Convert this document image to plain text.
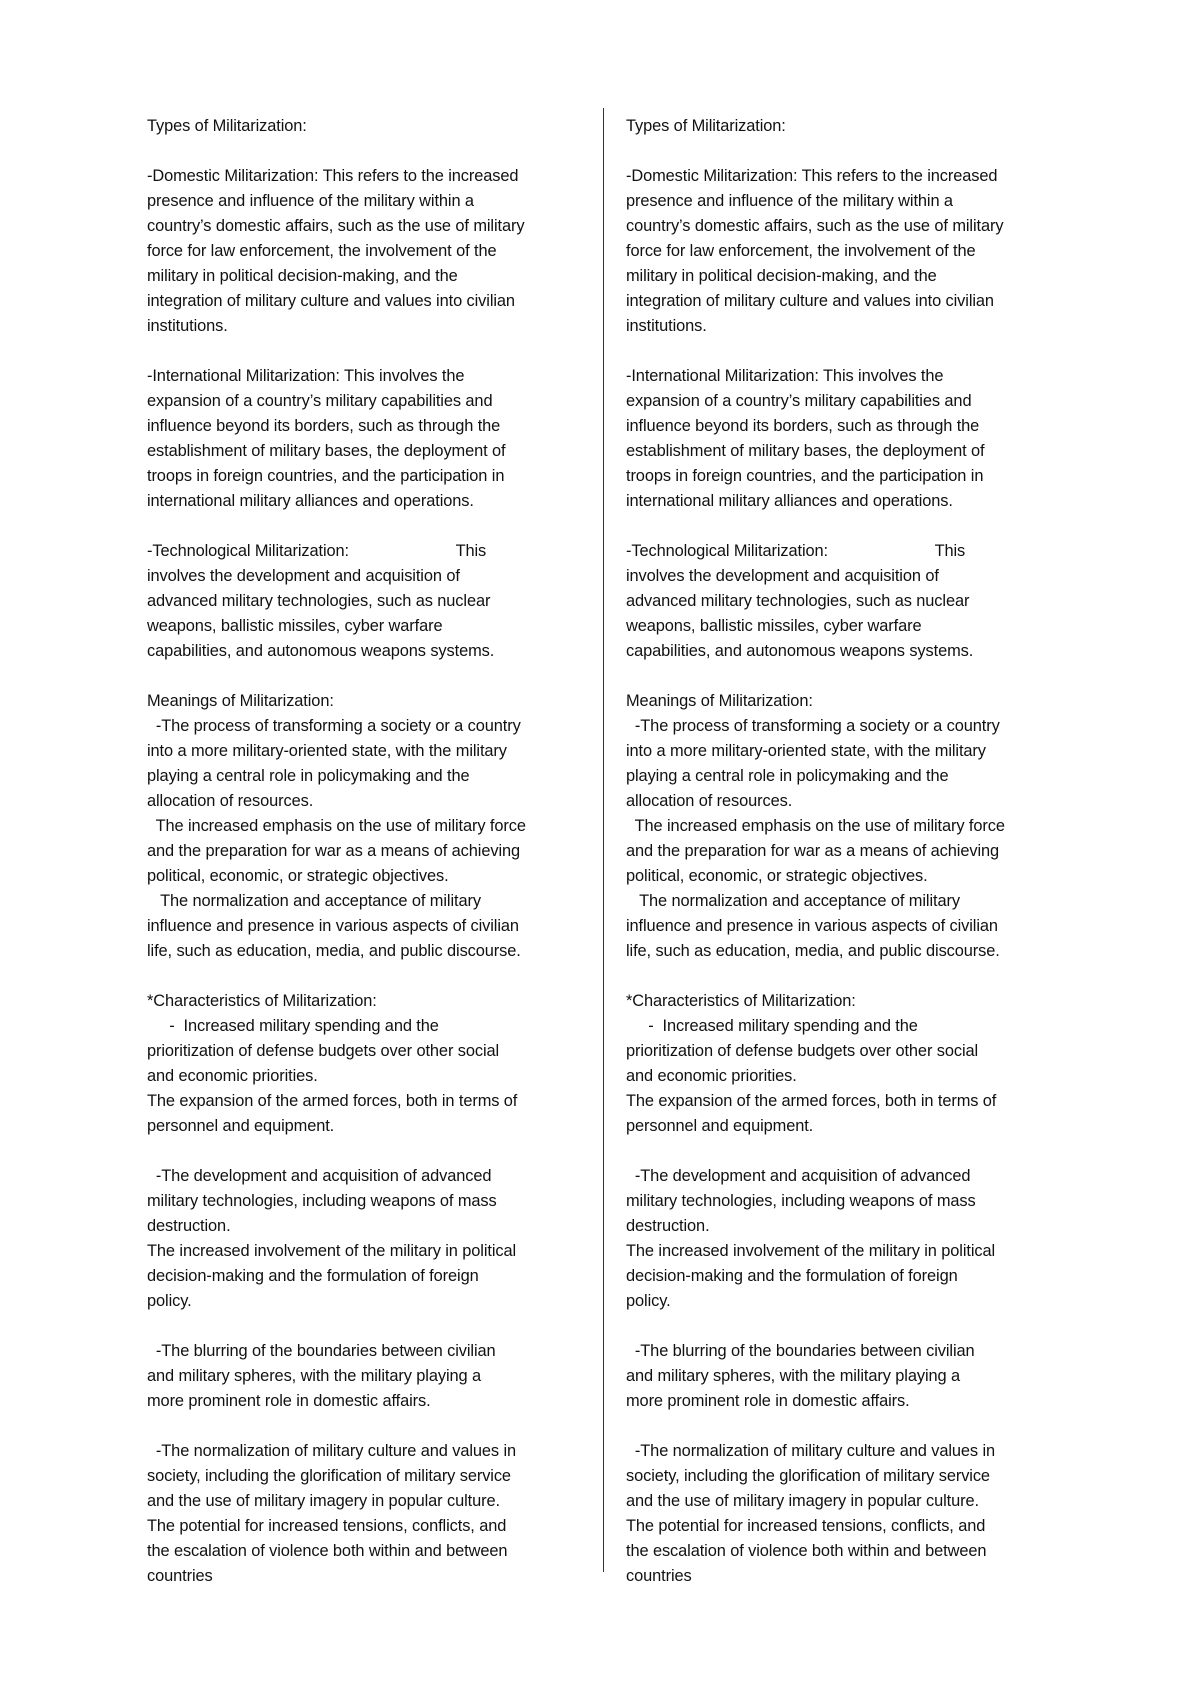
Types of Militarization:
-Domestic Militarization: This refers to the increased
presence and influence of the military within a
country’s domestic affairs, such as the use of military
force for law enforcement, the involvement of the
military in political decision-making, and the
integration of military culture and values into civilian
institutions.
-International Militarization: This involves the
expansion of a country’s military capabilities and
influence beyond its borders, such as through the
establishment of military bases, the deployment of
troops in foreign countries, and the participation in
international military alliances and operations.
-Technological Militarization:                        This
involves the development and acquisition of
advanced military technologies, such as nuclear
weapons, ballistic missiles, cyber warfare
capabilities, and autonomous weapons systems.
Meanings of Militarization:
-The process of transforming a society or a country
into a more military-oriented state, with the military
playing a central role in policymaking and the
allocation of resources.
The increased emphasis on the use of military force
and the preparation for war as a means of achieving
political, economic, or strategic objectives.
The normalization and acceptance of military
influence and presence in various aspects of civilian
life, such as education, media, and public discourse.
*Characteristics of Militarization:
-  Increased military spending and the
prioritization of defense budgets over other social
and economic priorities.
The expansion of the armed forces, both in terms of
personnel and equipment.
-The development and acquisition of advanced
military technologies, including weapons of mass
destruction.
The increased involvement of the military in political
decision-making and the formulation of foreign
policy.
-The blurring of the boundaries between civilian
and military spheres, with the military playing a
more prominent role in domestic affairs.
-The normalization of military culture and values in
society, including the glorification of military service
and the use of military imagery in popular culture.
The potential for increased tensions, conflicts, and
the escalation of violence both within and between
countries
Types of Militarization:
-Domestic Militarization: This refers to the increased
presence and influence of the military within a
country’s domestic affairs, such as the use of military
force for law enforcement, the involvement of the
military in political decision-making, and the
integration of military culture and values into civilian
institutions.
-International Militarization: This involves the
expansion of a country’s military capabilities and
influence beyond its borders, such as through the
establishment of military bases, the deployment of
troops in foreign countries, and the participation in
international military alliances and operations.
-Technological Militarization:                        This
involves the development and acquisition of
advanced military technologies, such as nuclear
weapons, ballistic missiles, cyber warfare
capabilities, and autonomous weapons systems.
Meanings of Militarization:
-The process of transforming a society or a country
into a more military-oriented state, with the military
playing a central role in policymaking and the
allocation of resources.
The increased emphasis on the use of military force
and the preparation for war as a means of achieving
political, economic, or strategic objectives.
The normalization and acceptance of military
influence and presence in various aspects of civilian
life, such as education, media, and public discourse.
*Characteristics of Militarization:
-  Increased military spending and the
prioritization of defense budgets over other social
and economic priorities.
The expansion of the armed forces, both in terms of
personnel and equipment.
-The development and acquisition of advanced
military technologies, including weapons of mass
destruction.
The increased involvement of the military in political
decision-making and the formulation of foreign
policy.
-The blurring of the boundaries between civilian
and military spheres, with the military playing a
more prominent role in domestic affairs.
-The normalization of military culture and values in
society, including the glorification of military service
and the use of military imagery in popular culture.
The potential for increased tensions, conflicts, and
the escalation of violence both within and between
countries
